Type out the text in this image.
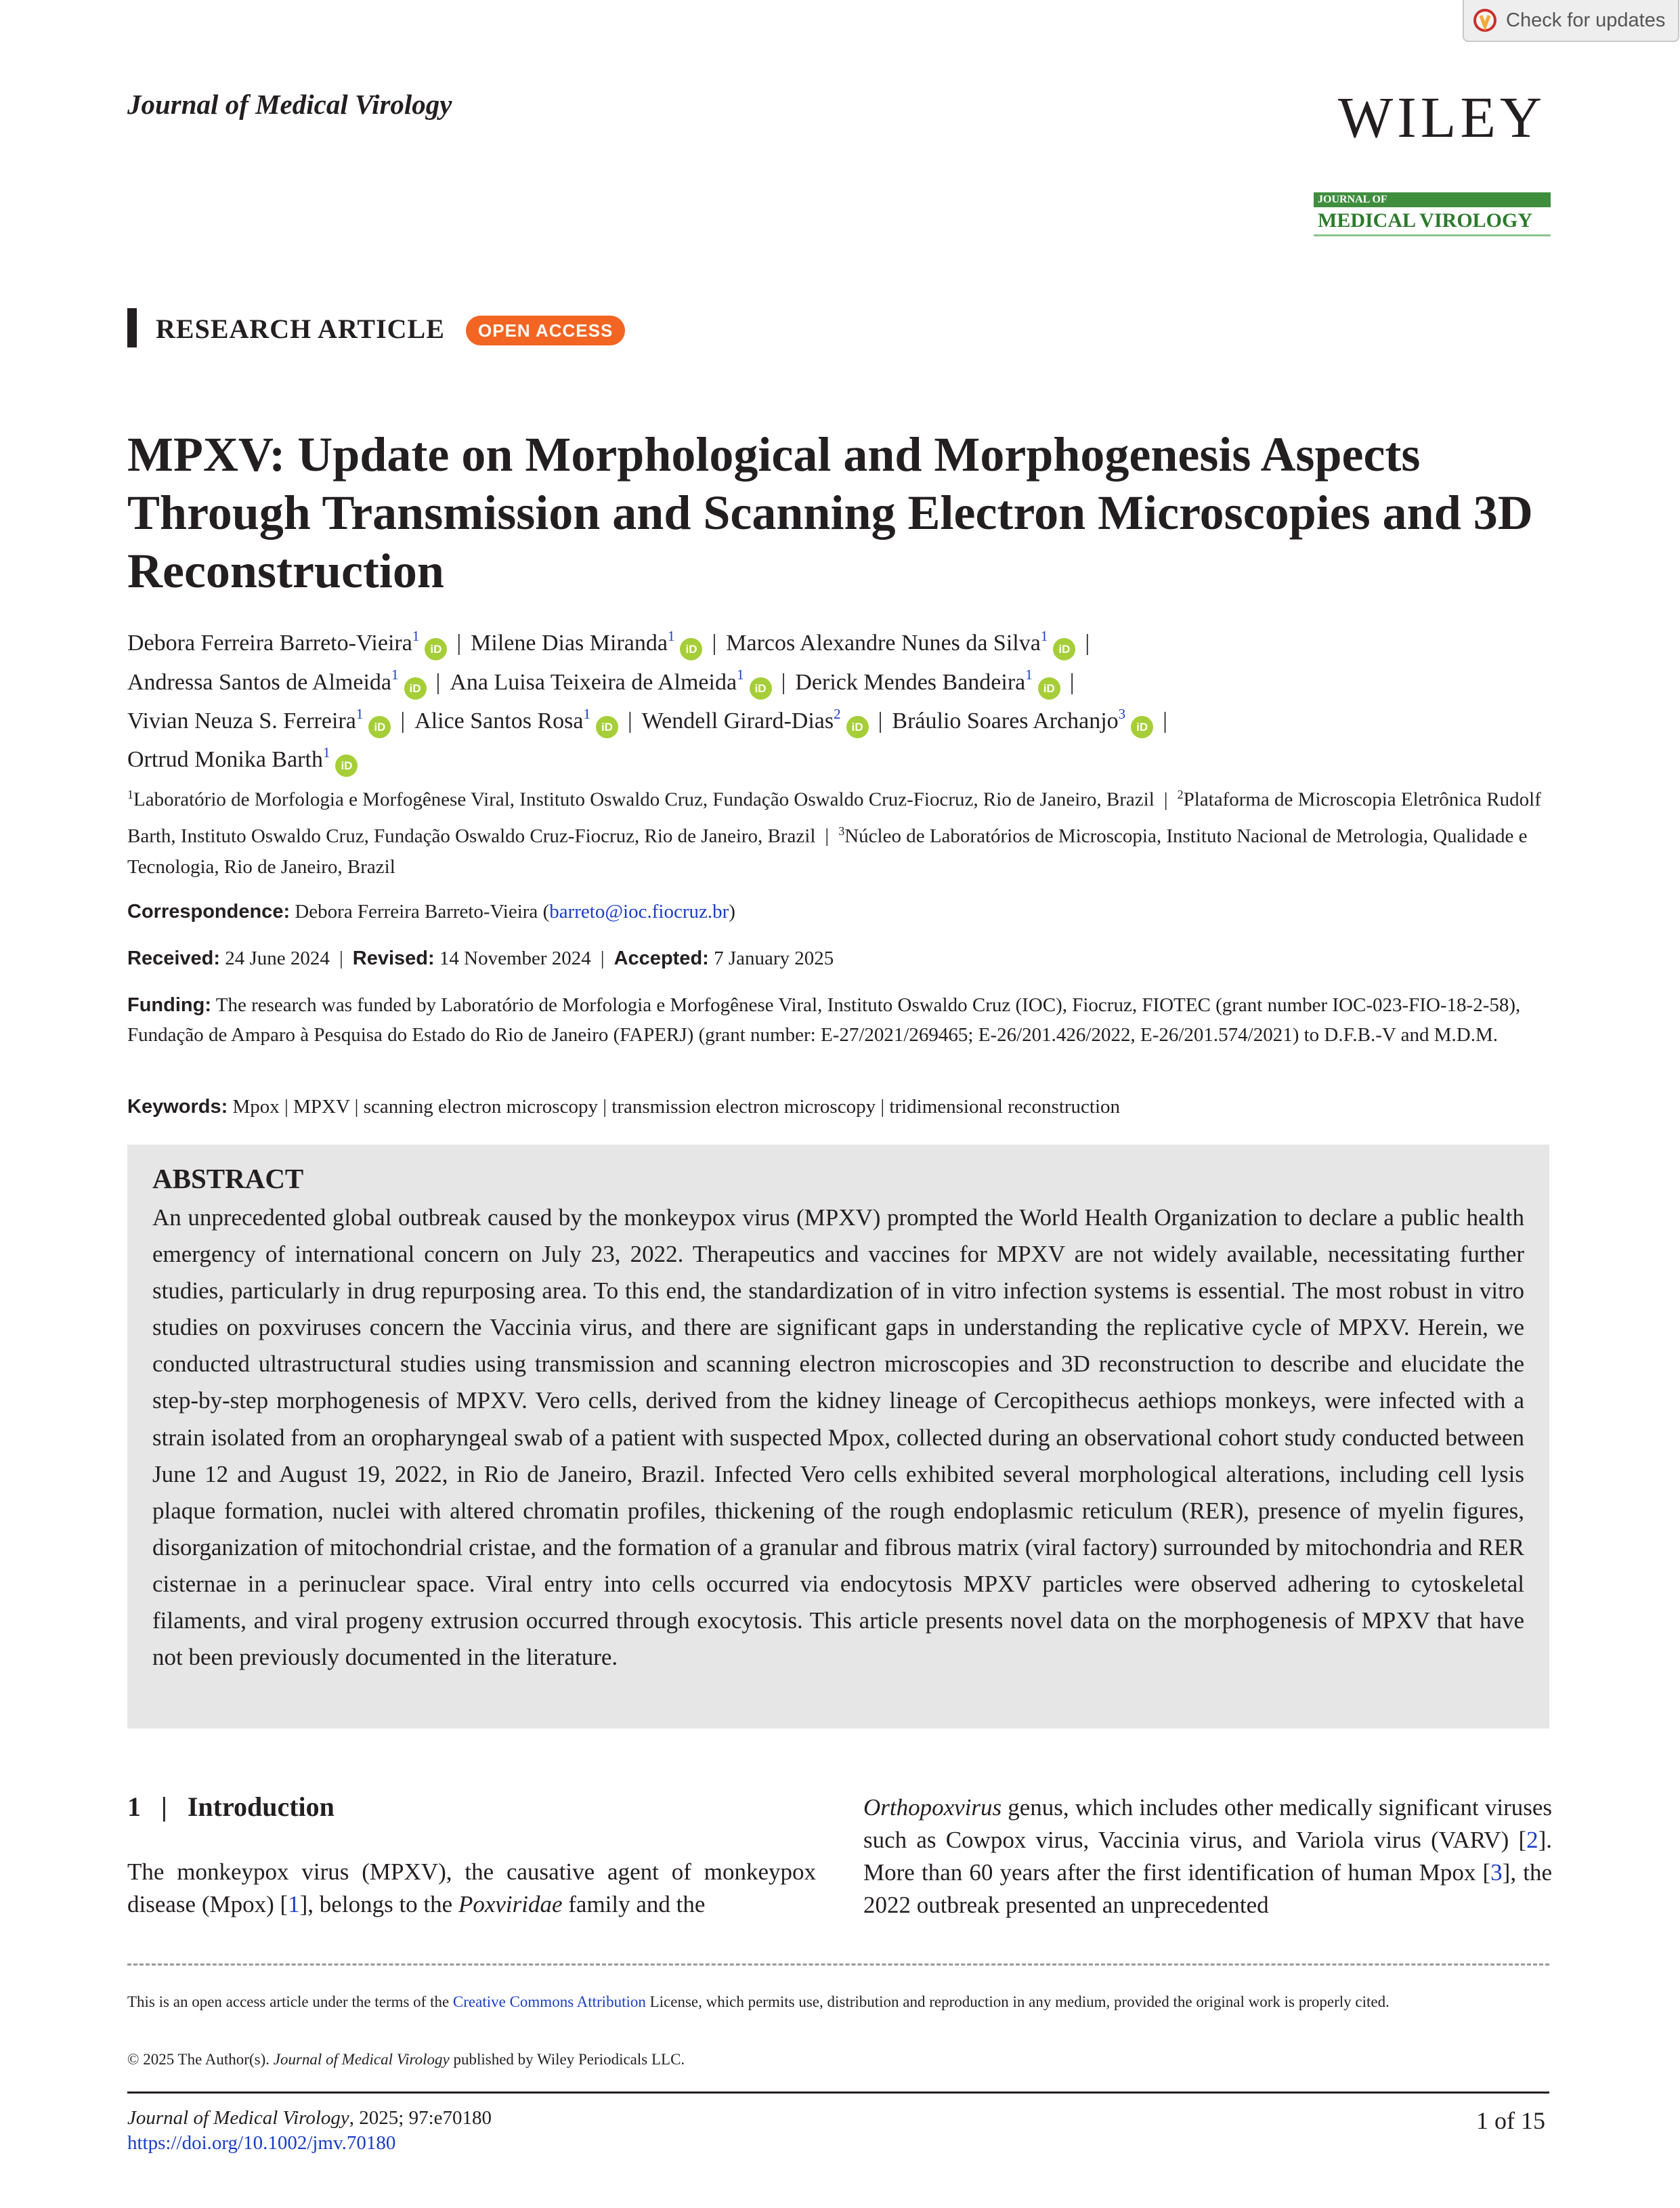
Check for updates
Journal of Medical Virology	WILEY
JOURNAL OF
MEDICAL VIROLOGY
RESEARCH ARTICLE	OPEN ACCESS
MPXV: Update on Morphological and Morphogenesis Aspects Through Transmission and Scanning Electron Microscopies and 3D Reconstruction
Debora Ferreira Barreto-Vieira$^1$iD | Milene Dias Miranda$^1$iD | Marcos Alexandre Nunes da Silva$^1$iD |
Andressa Santos de Almeida$^1$iD | Ana Luisa Teixeira de Almeida$^1$iD | Derick Mendes Bandeira$^1$iD |
Vivian Neuza S. Ferreira$^1$iD | Alice Santos Rosa$^1$iD | Wendell Girard-Dias$^2$iD | Bráulio Soares Archanjo$^3$iD |
Ortrud Monika Barth$^1$iD
$^1$Laboratório de Morfologia e Morfogênese Viral, Instituto Oswaldo Cruz, Fundação Oswaldo Cruz-Fiocruz, Rio de Janeiro, Brazil | $^2$Plataforma de Microscopia Eletrônica Rudolf Barth, Instituto Oswaldo Cruz, Fundação Oswaldo Cruz-Fiocruz, Rio de Janeiro, Brazil | $^3$Núcleo de Laboratórios de Microscopia, Instituto Nacional de Metrologia, Qualidade e Tecnologia, Rio de Janeiro, Brazil
Correspondence: Debora Ferreira Barreto-Vieira (barreto@ioc.fiocruz.br)
Received: 24 June 2024 | Revised: 14 November 2024 | Accepted: 7 January 2025
Funding: The research was funded by Laboratório de Morfologia e Morfogênese Viral, Instituto Oswaldo Cruz (IOC), Fiocruz, FIOTEC (grant number IOC-023-FIO-18-2-58), Fundação de Amparo à Pesquisa do Estado do Rio de Janeiro (FAPERJ) (grant number: E-27/2021/269465; E-26/201.426/2022, E-26/201.574/2021) to D.F.B.-V and M.D.M.
Keywords: Mpox | MPXV | scanning electron microscopy | transmission electron microscopy | tridimensional reconstruction
ABSTRACT
An unprecedented global outbreak caused by the monkeypox virus (MPXV) prompted the World Health Organization to declare a public health emergency of international concern on July 23, 2022. Therapeutics and vaccines for MPXV are not widely available, necessitating further studies, particularly in drug repurposing area. To this end, the standardization of in vitro infection systems is essential. The most robust in vitro studies on poxviruses concern the Vaccinia virus, and there are significant gaps in understanding the replicative cycle of MPXV. Herein, we conducted ultrastructural studies using transmission and scanning electron microscopies and 3D reconstruction to describe and elucidate the step-by-step morphogenesis of MPXV. Vero cells, derived from the kidney lineage of Cercopithecus aethiops monkeys, were infected with a strain isolated from an oropharyngeal swab of a patient with suspected Mpox, collected during an observational cohort study conducted between June 12 and August 19, 2022, in Rio de Janeiro, Brazil. Infected Vero cells exhibited several morphological alterations, including cell lysis plaque formation, nuclei with altered chromatin profiles, thickening of the rough endoplasmic reticulum (RER), presence of myelin figures, disorganization of mitochondrial cristae, and the formation of a granular and fibrous matrix (viral factory) surrounded by mitochondria and RER cisternae in a perinuclear space. Viral entry into cells occurred via endocytosis MPXV particles were observed adhering to cytoskeletal filaments, and viral progeny extrusion occurred through exocytosis. This article presents novel data on the morphogenesis of MPXV that have not been previously documented in the literature.
1 | Introduction
The monkeypox virus (MPXV), the causative agent of monkeypox disease (Mpox) [1], belongs to the Poxviridae family and the
Orthopoxvirus genus, which includes other medically significant viruses such as Cowpox virus, Vaccinia virus, and Variola virus (VARV) [2]. More than 60 years after the first identification of human Mpox [3], the 2022 outbreak presented an unprecedented
This is an open access article under the terms of the Creative Commons Attribution License, which permits use, distribution and reproduction in any medium, provided the original work is properly cited.
© 2025 The Author(s). Journal of Medical Virology published by Wiley Periodicals LLC.
Journal of Medical Virology, 2025; 97:e70180
https://doi.org/10.1002/jmv.70180
1 of 15
